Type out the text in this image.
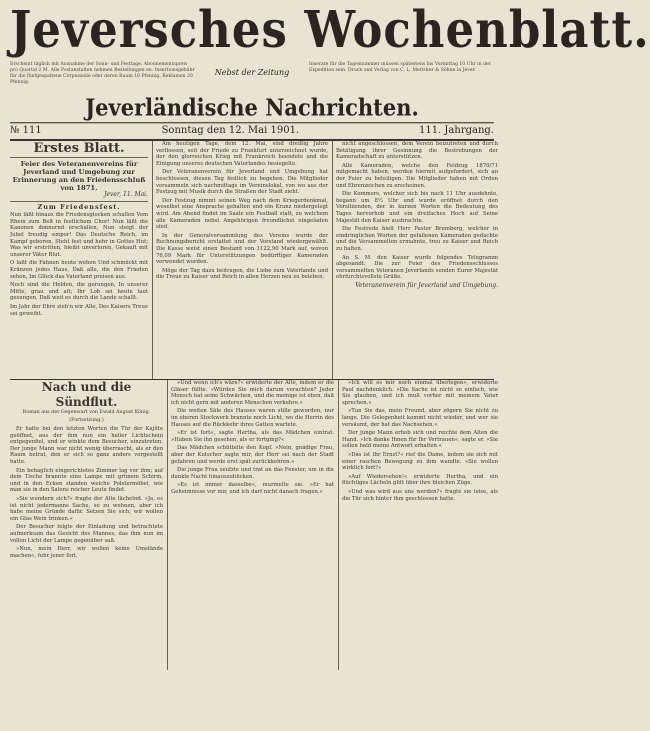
Jeversches Wochenblatt.

Erscheint täglich mit Ausnahme der Sonn- und Festtage. Abonnementspreis pro Quartal 2 M. Alle Postanstalten nehmen Bestellungen an. Insertionsgebühr für die fünfgespaltene Corpuszeile oder deren Raum 10 Pfennig. Reklamen 20 Pfennig.

Nebst der Zeitung

Inserate für die Tagesnummer müssen spätestens bis Vormittag 10 Uhr in der Expedition sein. Druck und Verlag von C. L. Mettcker & Söhne in Jever.

Jeverländische Nachrichten.
№ 111	Sonntag den 12. Mai 1901.	111. Jahrgang.
Erstes Blatt.
Feier des Veteranenvereins für Jeverland und Umgebung zur Erinnerung an den Friedensschluß von 1871.
Jever, 11. Mai.
Zum Friedensfest.

Nun läßt hinaus die Friedensglocken schallen Vom Rhein zum Belt in festlichem Chor! Nun läßt die Kanonen donnernd erschallen, Nun steigt der Jubel freudig empor! Das Deutsche Reich, im Kampf geboren, Steht fest und hehr in Gottes Hut; Was wir erstritten, bleibt unverloren, Gekauft mit unserer Väter Blut.

O laßt die Fahnen heute wehen Und schmückt mit Kränzen jedes Haus, Daß alle, die den Frieden sehen, Im Glück das Vaterland preisen aus.

Noch sind die Helden, die gerungen, In unserer Mitte, grau und alt; Ihr Lob sei heute laut gesungen, Daß weit es durch die Lande schallt.

Im Jahr der Ehre zieh'n wir Alle, Des Kaisers Treue sei geweiht.

Am heutigen Tage, dem 12. Mai, sind dreißig Jahre verflossen, seit der Friede zu Frankfurt unterzeichnet wurde, der den glorreichen Krieg mit Frankreich beendete und die Einigung unseres deutschen Vaterlandes besiegelte.

Der Veteranenverein für Jeverland und Umgebung hat beschlossen, diesen Tag festlich zu begehen. Die Mitglieder versammeln sich nachmittags im Vereinslokal, von wo aus der Festzug mit Musik durch die Straßen der Stadt zieht.

Der Festzug nimmt seinen Weg nach dem Kriegerdenkmal, woselbst eine Ansprache gehalten und ein Kranz niedergelegt wird. Am Abend findet im Saale ein Festball statt, zu welchem alle Kameraden nebst Angehörigen freundlichst eingeladen sind.

In der Generalversammlung des Vereins wurde der Rechnungsbericht erstattet und der Vorstand wiedergewählt. Die Kasse weist einen Bestand von 1122,90 Mark auf, wovon 76,09 Mark für Unterstützungen bedürftiger Kameraden verwendet wurden.

Möge der Tag dazu beitragen, die Liebe zum Vaterlande und die Treue zu Kaiser und Reich in allen Herzen neu zu beleben.

nicht angeschlossen, dem Verein beizutreten und durch Betätigung ihrer Gesinnung die Bestrebungen der Kameradschaft zu unterstützen.

Alle Kameraden, welche den Feldzug 1870/71 mitgemacht haben, werden hiermit aufgefordert, sich an der Feier zu beteiligen. Die Mitglieder haben mit Orden und Ehrenzeichen zu erscheinen.

Die Kommers, welcher sich bis nach 11 Uhr ausdehnte, begann um 8½ Uhr und wurde eröffnet durch den Vorsitzenden, der in kurzen Worten die Bedeutung des Tages hervorhob und ein dreifaches Hoch auf Seine Majestät den Kaiser ausbrachte.

Die Festrede hielt Herr Pastor Brumberg, welcher in eindringlichen Worten der gefallenen Kameraden gedachte und die Versammelten ermahnte, treu zu Kaiser und Reich zu halten.

An S. M. den Kaiser wurde folgendes Telegramm abgesandt: Die zur Feier des Friedensschlusses versammelten Veteranen Jeverlands senden Eurer Majestät ehrfurchtsvollste Grüße.

Veteranenverein für Jeverland und Umgebung.
Nach und die Sündflut.
Roman aus der Gegenwart von Ewald August König.
(Fortsetzung.)

Er hatte bei den letzten Worten die Tür der Kajüte geöffnet, aus der ihm nun ein heller Lichtschein entgegenfiel, und er winkte dem Besucher, einzutreten. Der junge Mann war nicht wenig überrascht, als er den Raum betrat, den er sich so ganz anders vorgestellt hatte.

Ein behaglich eingerichtetes Zimmer lag vor ihm; auf dem Tische brannte eine Lampe mit grünem Schirm, und in den Ecken standen weiche Polstermöbel, wie man sie in den Salons reicher Leute findet.

»Sie wundern sich?« fragte der Alte lächelnd. »Ja, es ist nicht jedermanns Sache, so zu wohnen, aber ich habe meine Gründe dafür. Setzen Sie sich, wir wollen ein Glas Wein trinken.«

Der Besucher folgte der Einladung und betrachtete aufmerksam das Gesicht des Mannes, das ihm nun im vollen Licht der Lampe gegenüber saß.

»Nun, mein Herr, wir wollen keine Umstände machen«, fuhr jener fort.

»Und wenn ich's wäre?« erwiderte der Alte, indem er die Gläser füllte. »Würden Sie mich darum verachten? Jeder Mensch hat seine Schwächen, und die meinige ist eben, daß ich nicht gern mit anderen Menschen verkehre.«

Die weiten Säle des Hauses waren stille geworden, nur im oberen Stockwerk brannte noch Licht, wo die Herrin des Hauses auf die Rückkehr ihres Gatten wartete.

»Er ist fort«, sagte Hertha, als das Mädchen eintrat. »Haben Sie ihn gesehen, als er fortging?«

Das Mädchen schüttelte den Kopf. »Nein, gnädige Frau, aber der Kutscher sagte mir, der Herr sei nach der Stadt gefahren und werde erst spät zurückkehren.«

Die junge Frau seufzte und trat an das Fenster, um in die dunkle Nacht hinauszublicken.

»Es ist immer dasselbe«, murmelte sie. »Er hat Geheimnisse vor mir, und ich darf nicht danach fragen.«

»Ich will es mir noch einmal überlegen«, erwiderte Paul nachdenklich. »Die Sache ist nicht so einfach, wie Sie glauben, und ich muß vorher mit meinem Vater sprechen.«

»Tun Sie das, mein Freund, aber zögern Sie nicht zu lange. Die Gelegenheit kommt nicht wieder, und wer sie versäumt, der hat das Nachsehen.«

Der junge Mann erhob sich und reichte dem Alten die Hand. »Ich danke Ihnen für Ihr Vertrauen«, sagte er. »Sie sollen bald meine Antwort erhalten.«

»Das ist Ihr Ernst?« rief die Dame, indem sie sich mit einer raschen Bewegung zu ihm wandte. »Sie wollen wirklich fort?«

»Auf Wiedersehen!« erwiderte Hertha, und ein flüchtiges Lächeln glitt über ihre bleichen Züge.

»Und was wird aus uns werden?« fragte sie leise, als die Tür sich hinter ihm geschlossen hatte.
